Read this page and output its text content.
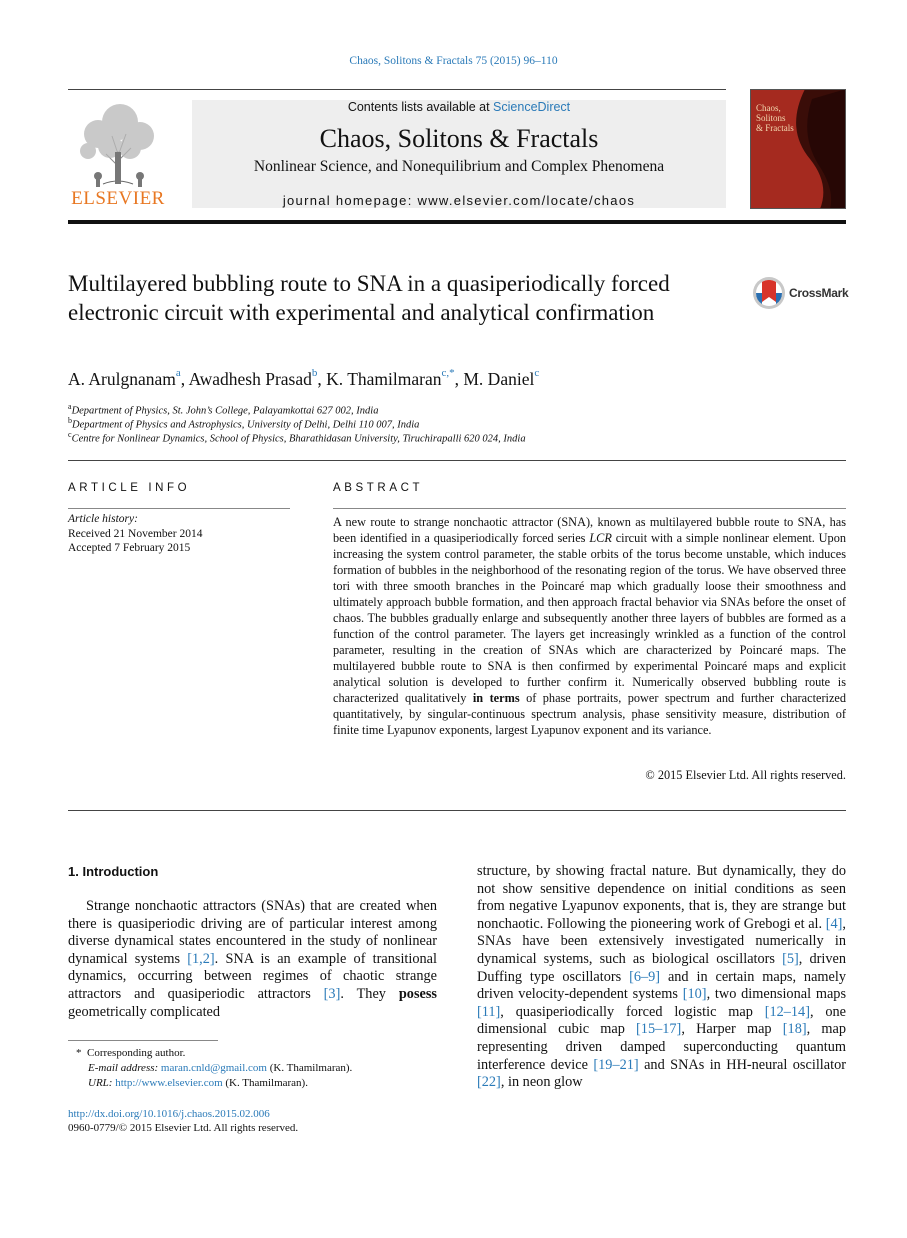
Chaos, Solitons & Fractals 75 (2015) 96–110
ELSEVIER
Contents lists available at ScienceDirect
Chaos, Solitons & Fractals
Nonlinear Science, and Nonequilibrium and Complex Phenomena
journal homepage: www.elsevier.com/locate/chaos
Chaos,
Solitons
& Fractals
Multilayered bubbling route to SNA in a quasiperiodically forced electronic circuit with experimental and analytical confirmation
CrossMark
A. Arulgnanam$^a$, Awadhesh Prasad$^b$, K. Thamilmaran$^{c,*}$, M. Daniel$^c$
$^a$Department of Physics, St. John’s College, Palayamkottai 627 002, India
$^b$Department of Physics and Astrophysics, University of Delhi, Delhi 110 007, India
$^c$Centre for Nonlinear Dynamics, School of Physics, Bharathidasan University, Tiruchirapalli 620 024, India
ARTICLE INFO
Article history:
Received 21 November 2014
Accepted 7 February 2015
ABSTRACT
A new route to strange nonchaotic attractor (SNA), known as multilayered bubble route to SNA, has been identified in a quasiperiodically forced series LCR circuit with a simple nonlinear element. Upon increasing the system control parameter, the stable orbits of the torus become unstable, which induces formation of bubbles in the neighborhood of the resonating region of the torus. We have observed three tori with three smooth branches in the Poincaré map which gradually loose their smoothness and ultimately approach bubble formation, and then approach fractal behavior via SNAs before the onset of chaos. The bubbles gradually enlarge and subsequently another three layers of bubbles are formed as a function of the control parameter. The layers get increasingly wrinkled as a function of the control parameter, resulting in the creation of SNAs which are characterized by Poincaré maps. The multilayered bubble route to SNA is then confirmed by experimental Poincaré maps and explicit analytical solution is developed to further confirm it. Numerically observed bubbling route is characterized qualitatively in terms of phase portraits, power spectrum and further characterized quantitatively, by singular-continuous spectrum analysis, phase sensitivity measure, distribution of finite time Lyapunov exponents, largest Lyapunov exponent and its variance.
© 2015 Elsevier Ltd. All rights reserved.
1. Introduction

Strange nonchaotic attractors (SNAs) that are created when there is quasiperiodic driving are of particular interest among diverse dynamical states encountered in the study of nonlinear dynamical systems [1,2]. SNA is an example of transitional dynamics, occurring between regimes of chaotic strange attractors and quasiperiodic attractors [3]. They posess geometrically complicated

structure, by showing fractal nature. But dynamically, they do not show sensitive dependence on initial conditions as seen from negative Lyapunov exponents, that is, they are strange but nonchaotic. Following the pioneering work of Grebogi et al. [4], SNAs have been extensively investigated numerically in dynamical systems, such as biological oscillators [5], driven Duffing type oscillators [6–9] and in certain maps, namely driven velocity-dependent systems [10], two dimensional maps [11], quasiperiodically forced logistic map [12–14], one dimensional cubic map [15–17], Harper map [18], map representing driven damped superconducting quantum interference device [19–21] and SNAs in HH-neural oscillator [22], in neon glow

*  Corresponding author.
E-mail address: maran.cnld@gmail.com (K. Thamilmaran).
URL: http://www.elsevier.com (K. Thamilmaran).
http://dx.doi.org/10.1016/j.chaos.2015.02.006
0960-0779/© 2015 Elsevier Ltd. All rights reserved.
